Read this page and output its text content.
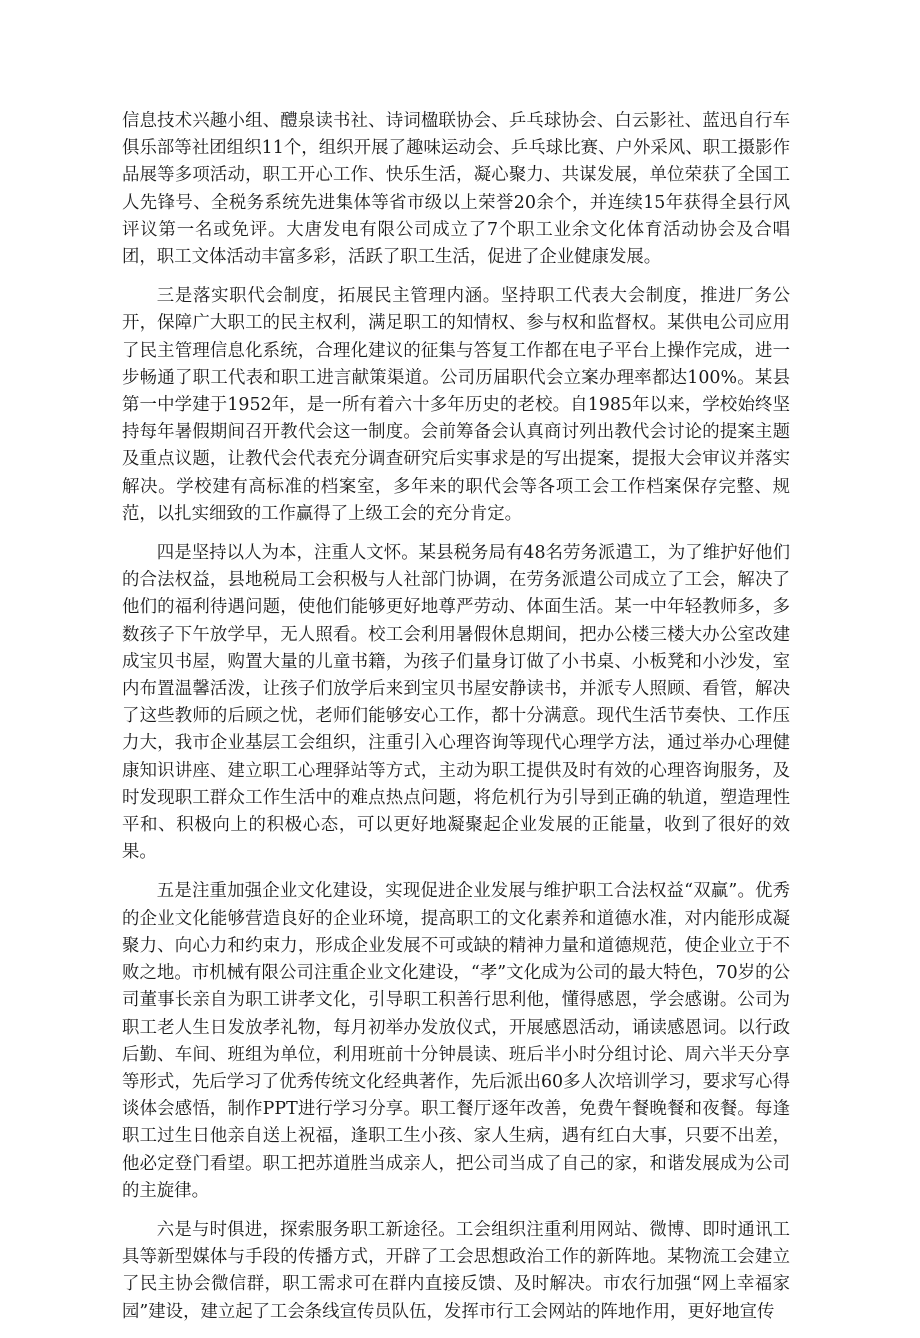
信息技术兴趣小组、醴泉读书社、诗词楹联协会、乒乓球协会、白云影社、蓝迅自行车俱乐部等社团组织11个，组织开展了趣味运动会、乒乓球比赛、户外采风、职工摄影作品展等多项活动，职工开心工作、快乐生活，凝心聚力、共谋发展，单位荣获了全国工人先锋号、全税务系统先进集体等省市级以上荣誉20余个，并连续15年获得全县行风评议第一名或免评。大唐发电有限公司成立了7个职工业余文化体育活动协会及合唱团，职工文体活动丰富多彩，活跃了职工生活，促进了企业健康发展。

三是落实职代会制度，拓展民主管理内涵。坚持职工代表大会制度，推进厂务公开，保障广大职工的民主权利，满足职工的知情权、参与权和监督权。某供电公司应用了民主管理信息化系统，合理化建议的征集与答复工作都在电子平台上操作完成，进一步畅通了职工代表和职工进言献策渠道。公司历届职代会立案办理率都达100%。某县第一中学建于1952年，是一所有着六十多年历史的老校。自1985年以来，学校始终坚持每年暑假期间召开教代会这一制度。会前筹备会认真商讨列出教代会讨论的提案主题及重点议题，让教代会代表充分调查研究后实事求是的写出提案，提报大会审议并落实解决。学校建有高标准的档案室，多年来的职代会等各项工会工作档案保存完整、规范，以扎实细致的工作赢得了上级工会的充分肯定。

四是坚持以人为本，注重人文怀。某县税务局有48名劳务派遣工，为了维护好他们的合法权益，县地税局工会积极与人社部门协调，在劳务派遣公司成立了工会，解决了他们的福利待遇问题，使他们能够更好地尊严劳动、体面生活。某一中年轻教师多，多数孩子下午放学早，无人照看。校工会利用暑假休息期间，把办公楼三楼大办公室改建成宝贝书屋，购置大量的儿童书籍，为孩子们量身订做了小书桌、小板凳和小沙发，室内布置温馨活泼，让孩子们放学后来到宝贝书屋安静读书，并派专人照顾、看管，解决了这些教师的后顾之忧，老师们能够安心工作，都十分满意。现代生活节奏快、工作压力大，我市企业基层工会组织，注重引入心理咨询等现代心理学方法，通过举办心理健康知识讲座、建立职工心理驿站等方式，主动为职工提供及时有效的心理咨询服务，及时发现职工群众工作生活中的难点热点问题，将危机行为引导到正确的轨道，塑造理性平和、积极向上的积极心态，可以更好地凝聚起企业发展的正能量，收到了很好的效果。

五是注重加强企业文化建设，实现促进企业发展与维护职工合法权益“双赢”。优秀的企业文化能够营造良好的企业环境，提高职工的文化素养和道德水准，对内能形成凝聚力、向心力和约束力，形成企业发展不可或缺的精神力量和道德规范，使企业立于不败之地。市机械有限公司注重企业文化建设，“孝”文化成为公司的最大特色，70岁的公司董事长亲自为职工讲孝文化，引导职工积善行思利他，懂得感恩，学会感谢。公司为职工老人生日发放孝礼物，每月初举办发放仪式，开展感恩活动，诵读感恩词。以行政后勤、车间、班组为单位，利用班前十分钟晨读、班后半小时分组讨论、周六半天分享等形式，先后学习了优秀传统文化经典著作，先后派出60多人次培训学习，要求写心得谈体会感悟，制作PPT进行学习分享。职工餐厅逐年改善，免费午餐晚餐和夜餐。每逢职工过生日他亲自送上祝福，逢职工生小孩、家人生病，遇有红白大事，只要不出差，他必定登门看望。职工把苏道胜当成亲人，把公司当成了自己的家，和谐发展成为公司的主旋律。

六是与时俱进，探索服务职工新途径。工会组织注重利用网站、微博、即时通讯工具等新型媒体与手段的传播方式，开辟了工会思想政治工作的新阵地。某物流工会建立了民主协会微信群，职工需求可在群内直接反馈、及时解决。市农行加强“网上幸福家园”建设，建立起了工会条线宣传员队伍，发挥市行工会网站的阵地作用，更好地宣传
